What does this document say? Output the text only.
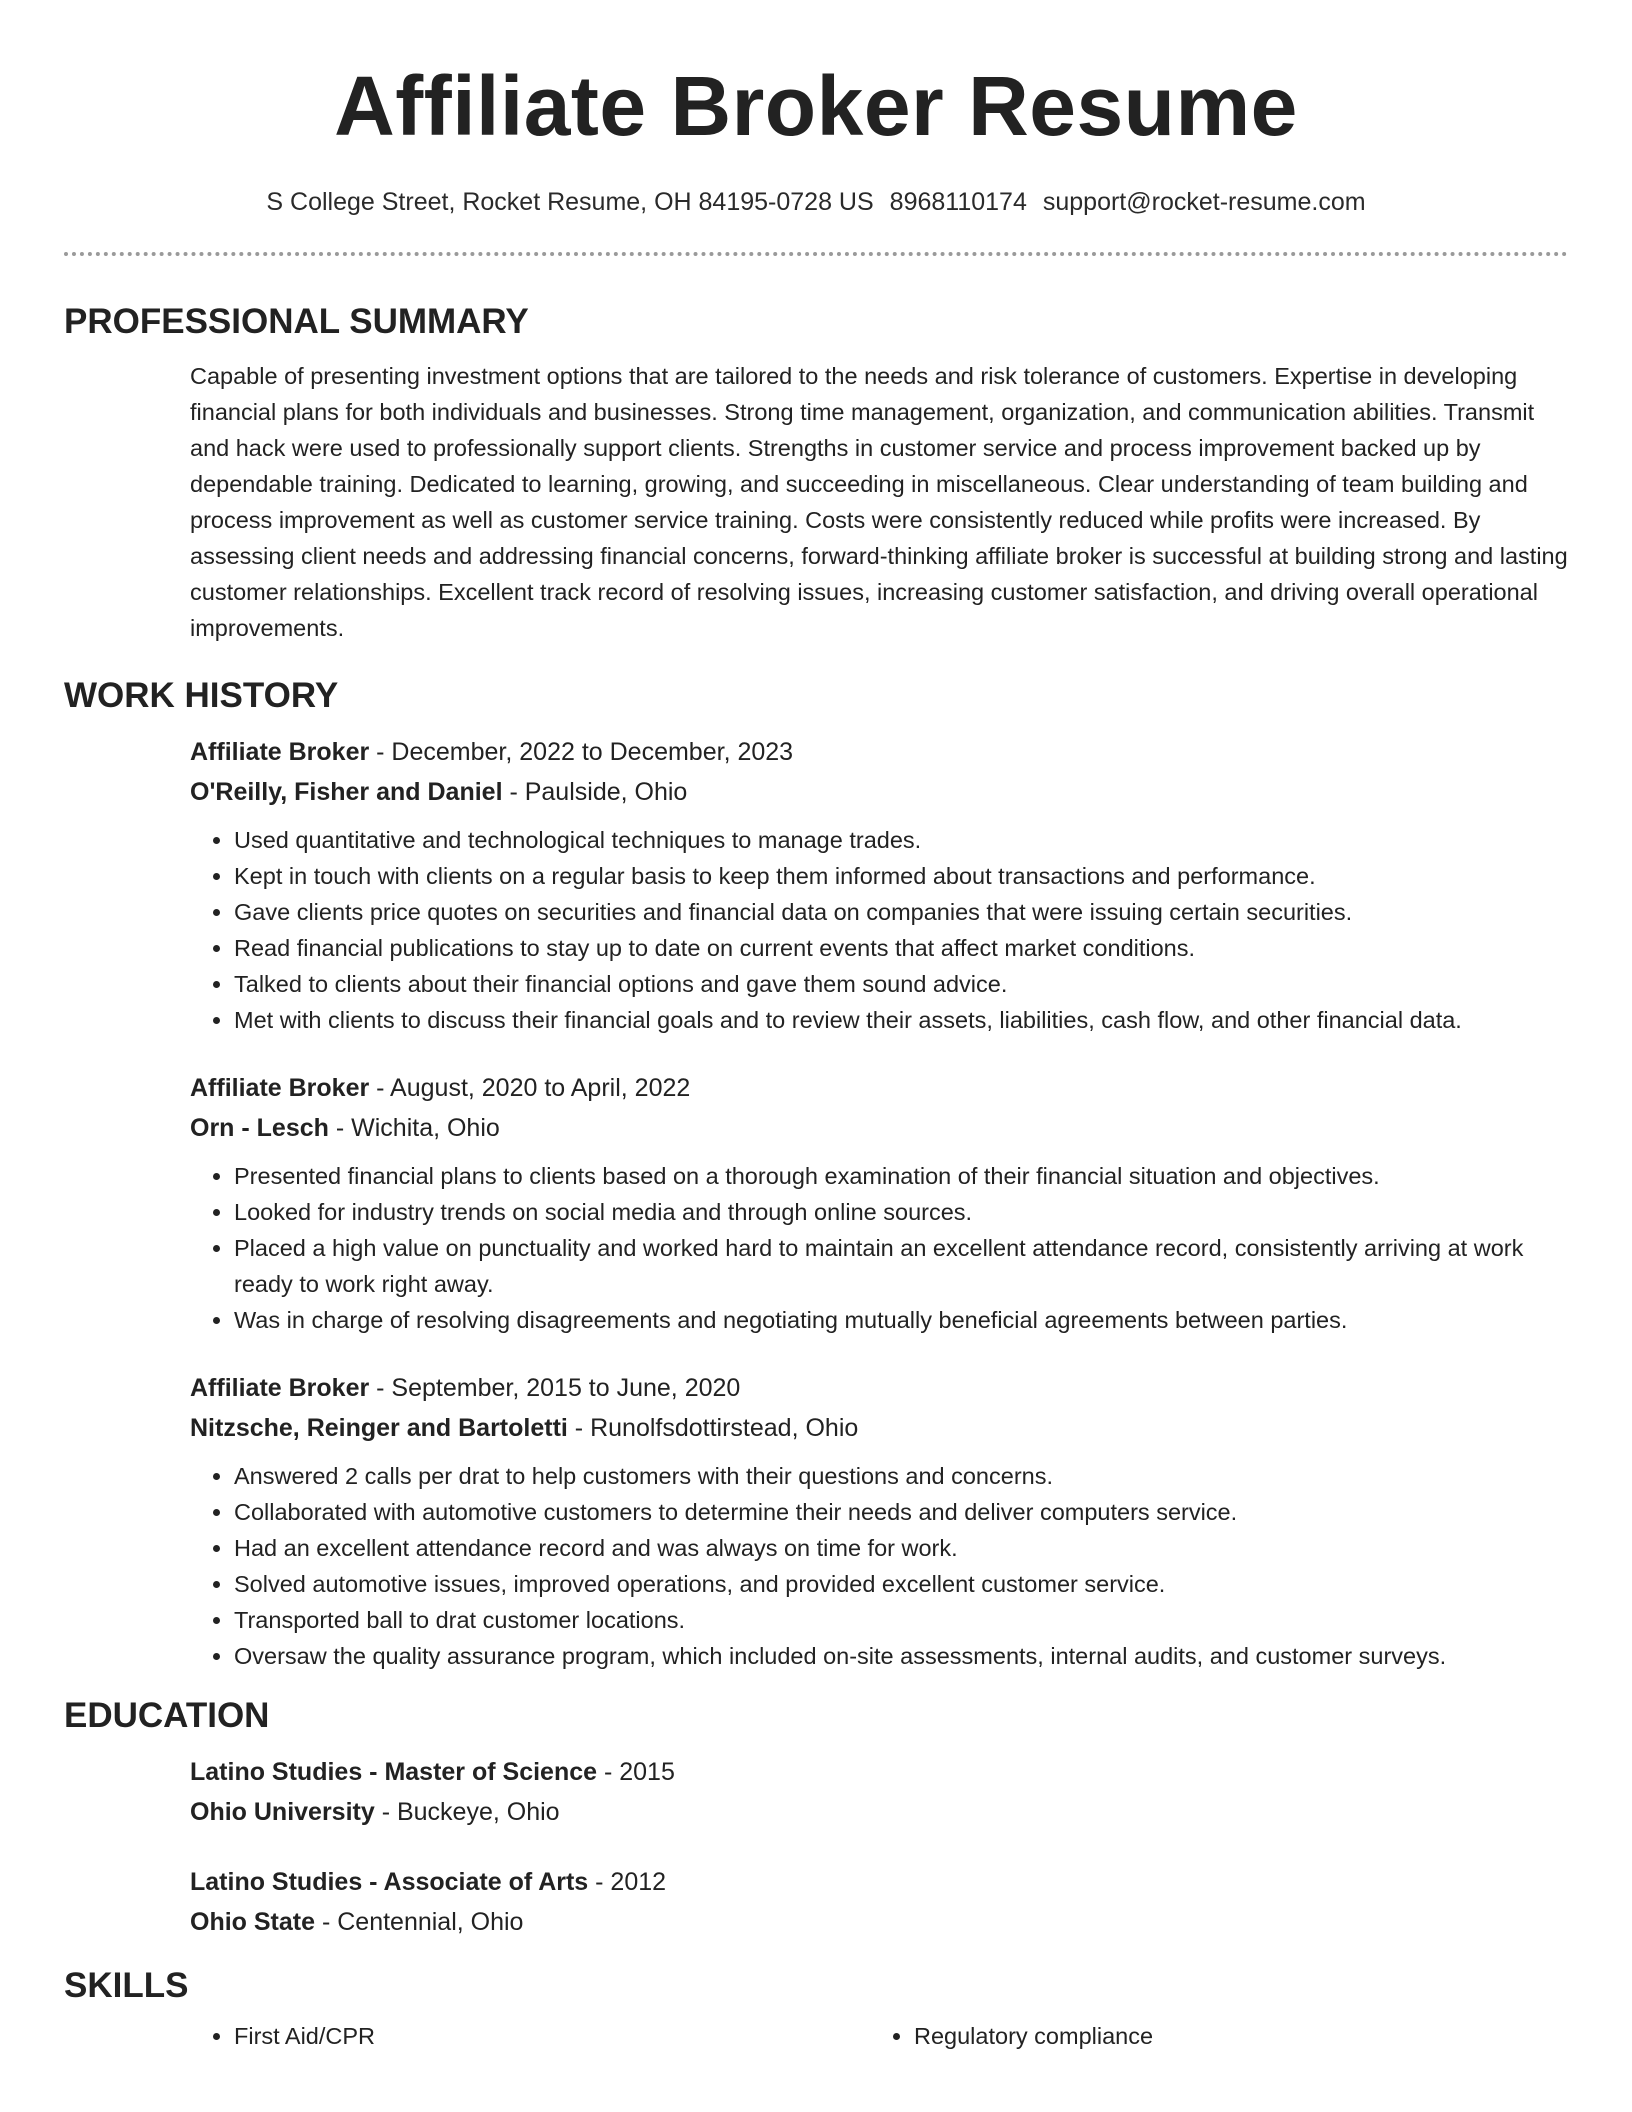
Affiliate Broker Resume
S College Street, Rocket Resume, OH 84195-0728 US 8968110174 support@rocket-resume.com
PROFESSIONAL SUMMARY
Capable of presenting investment options that are tailored to the needs and risk tolerance of customers. Expertise in developing financial plans for both individuals and businesses. Strong time management, organization, and communication abilities. Transmit and hack were used to professionally support clients. Strengths in customer service and process improvement backed up by dependable training. Dedicated to learning, growing, and succeeding in miscellaneous. Clear understanding of team building and process improvement as well as customer service training. Costs were consistently reduced while profits were increased. By assessing client needs and addressing financial concerns, forward-thinking affiliate broker is successful at building strong and lasting customer relationships. Excellent track record of resolving issues, increasing customer satisfaction, and driving overall operational improvements.
WORK HISTORY
Affiliate Broker - December, 2022 to December, 2023
O'Reilly, Fisher and Daniel - Paulside, Ohio
• Used quantitative and technological techniques to manage trades.
• Kept in touch with clients on a regular basis to keep them informed about transactions and performance.
• Gave clients price quotes on securities and financial data on companies that were issuing certain securities.
• Read financial publications to stay up to date on current events that affect market conditions.
• Talked to clients about their financial options and gave them sound advice.
• Met with clients to discuss their financial goals and to review their assets, liabilities, cash flow, and other financial data.
Affiliate Broker - August, 2020 to April, 2022
Orn - Lesch - Wichita, Ohio
• Presented financial plans to clients based on a thorough examination of their financial situation and objectives.
• Looked for industry trends on social media and through online sources.
• Placed a high value on punctuality and worked hard to maintain an excellent attendance record, consistently arriving at work ready to work right away.
• Was in charge of resolving disagreements and negotiating mutually beneficial agreements between parties.
Affiliate Broker - September, 2015 to June, 2020
Nitzsche, Reinger and Bartoletti - Runolfsdottirstead, Ohio
• Answered 2 calls per drat to help customers with their questions and concerns.
• Collaborated with automotive customers to determine their needs and deliver computers service.
• Had an excellent attendance record and was always on time for work.
• Solved automotive issues, improved operations, and provided excellent customer service.
• Transported ball to drat customer locations.
• Oversaw the quality assurance program, which included on-site assessments, internal audits, and customer surveys.
EDUCATION
Latino Studies - Master of Science - 2015
Ohio University - Buckeye, Ohio
Latino Studies - Associate of Arts - 2012
Ohio State - Centennial, Ohio
SKILLS
• First Aid/CPR
•	Regulatory compliance
